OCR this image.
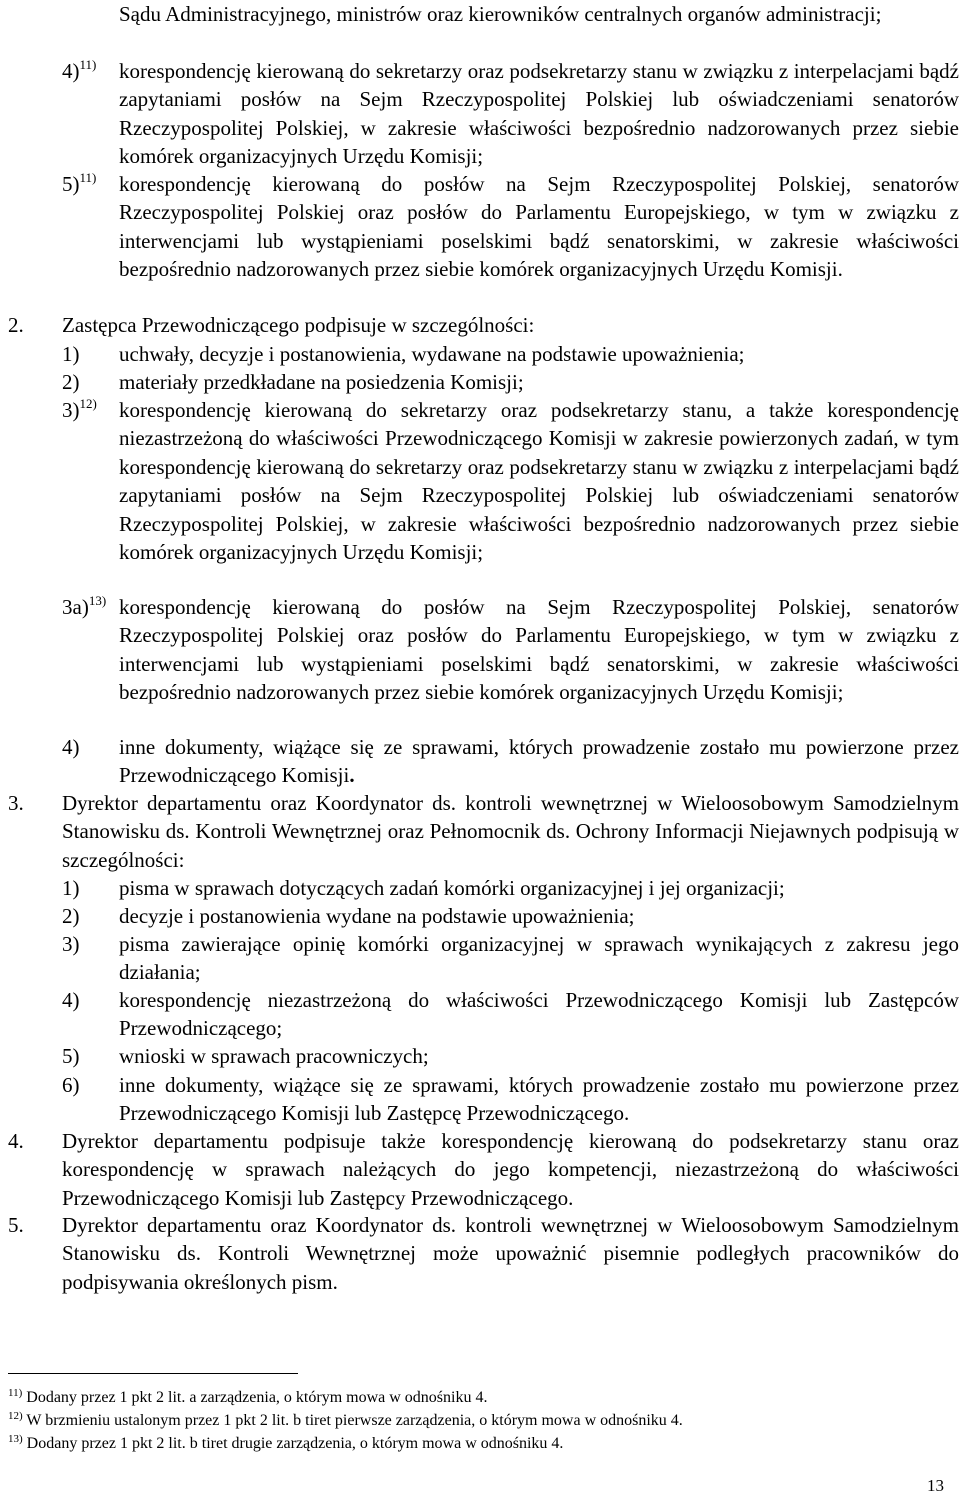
Sądu Administracyjnego, ministrów oraz kierowników centralnych organów administracji;
4)$^{11)}$ korespondencję kierowaną do sekretarzy oraz podsekretarzy stanu w związku z interpelacjami bądź zapytaniami posłów na Sejm Rzeczypospolitej Polskiej lub oświadczeniami senatorów Rzeczypospolitej Polskiej, w zakresie właściwości bezpośrednio nadzorowanych przez siebie komórek organizacyjnych Urzędu Komisji;
5)$^{11)}$ korespondencję kierowaną do posłów na Sejm Rzeczypospolitej Polskiej, senatorów Rzeczypospolitej Polskiej oraz posłów do Parlamentu Europejskiego, w tym w związku z interwencjami lub wystąpieniami poselskimi bądź senatorskimi, w zakresie właściwości bezpośrednio nadzorowanych przez siebie komórek organizacyjnych Urzędu Komisji.
2. Zastępca Przewodniczącego podpisuje w szczególności:
1) uchwały, decyzje i postanowienia, wydawane na podstawie upoważnienia;
2) materiały przedkładane na posiedzenia Komisji;
3)$^{12)}$ korespondencję kierowaną do sekretarzy oraz podsekretarzy stanu, a także korespondencję niezastrzeżoną do właściwości Przewodniczącego Komisji w zakresie powierzonych zadań, w tym korespondencję kierowaną do sekretarzy oraz podsekretarzy stanu w związku z interpelacjami bądź zapytaniami posłów na Sejm Rzeczypospolitej Polskiej lub oświadczeniami senatorów Rzeczypospolitej Polskiej, w zakresie właściwości bezpośrednio nadzorowanych przez siebie komórek organizacyjnych Urzędu Komisji;
3a)$^{13)}$ korespondencję kierowaną do posłów na Sejm Rzeczypospolitej Polskiej, senatorów Rzeczypospolitej Polskiej oraz posłów do Parlamentu Europejskiego, w tym w związku z interwencjami lub wystąpieniami poselskimi bądź senatorskimi, w zakresie właściwości bezpośrednio nadzorowanych przez siebie komórek organizacyjnych Urzędu Komisji;
4) inne dokumenty, wiążące się ze sprawami, których prowadzenie zostało mu powierzone przez Przewodniczącego Komisji.
3. Dyrektor departamentu oraz Koordynator ds. kontroli wewnętrznej w Wieloosobowym Samodzielnym Stanowisku ds. Kontroli Wewnętrznej oraz Pełnomocnik ds. Ochrony Informacji Niejawnych podpisują w szczególności:
1) pisma w sprawach dotyczących zadań komórki organizacyjnej i jej organizacji;
2) decyzje i postanowienia wydane na podstawie upoważnienia;
3) pisma zawierające opinię komórki organizacyjnej w sprawach wynikających z zakresu jego działania;
4) korespondencję niezastrzeżoną do właściwości Przewodniczącego Komisji lub Zastępców Przewodniczącego;
5) wnioski w sprawach pracowniczych;
6) inne dokumenty, wiążące się ze sprawami, których prowadzenie zostało mu powierzone przez Przewodniczącego Komisji lub Zastępcę Przewodniczącego.
4. Dyrektor departamentu podpisuje także korespondencję kierowaną do podsekretarzy stanu oraz korespondencję w sprawach należących do jego kompetencji, niezastrzeżoną do właściwości Przewodniczącego Komisji lub Zastępcy Przewodniczącego.
5. Dyrektor departamentu oraz Koordynator ds. kontroli wewnętrznej w Wieloosobowym Samodzielnym Stanowisku ds. Kontroli Wewnętrznej może upoważnić pisemnie podległych pracowników do podpisywania określonych pism.
$^{11)}$ Dodany przez 1 pkt 2 lit. a zarządzenia, o którym mowa w odnośniku 4.
$^{12)}$ W brzmieniu ustalonym przez 1 pkt 2 lit. b tiret pierwsze zarządzenia, o którym mowa w odnośniku 4.
$^{13)}$ Dodany przez 1 pkt 2 lit. b tiret drugie zarządzenia, o którym mowa w odnośniku 4.
13
